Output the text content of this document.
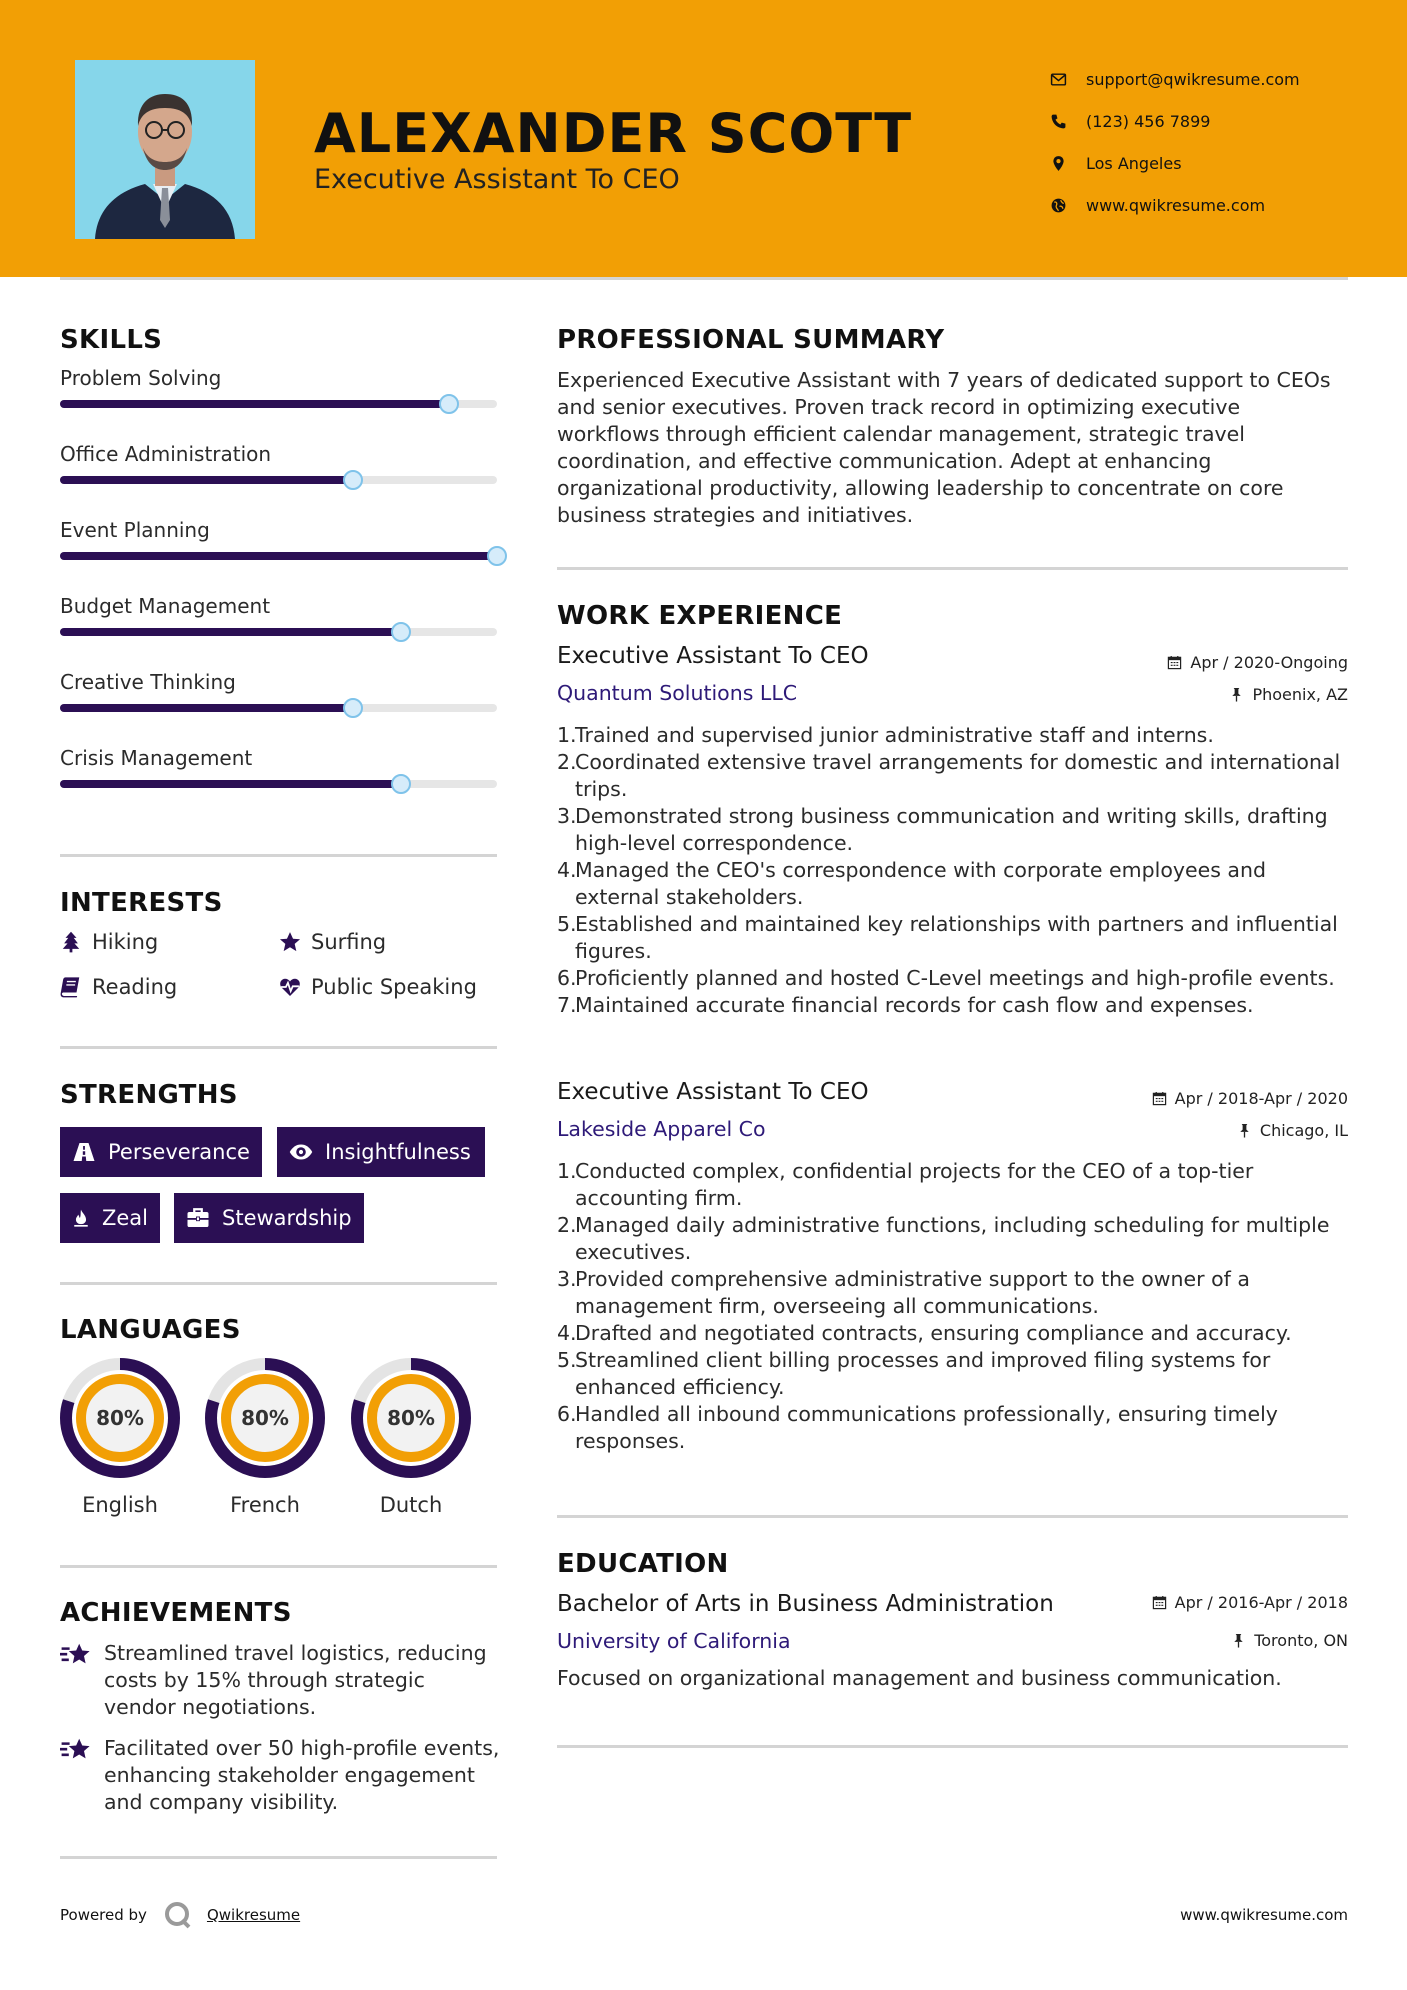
ALEXANDER SCOTT
Executive Assistant To CEO
support@qwikresume.com
(123) 456 7899
Los Angeles
www.qwikresume.com
SKILLS
Problem Solving
Office Administration
Event Planning
Budget Management
Creative Thinking
Crisis Management
INTERESTS
Hiking	Surfing
Reading	Public Speaking
STRENGTHS
Perseverance	Insightfulness
Zeal	Stewardship
LANGUAGES
80%
English
80%
French
80%
Dutch
ACHIEVEMENTS
Streamlined travel logistics, reducing costs by 15% through strategic vendor negotiations.
Facilitated over 50 high-profile events, enhancing stakeholder engagement and company visibility.
PROFESSIONAL SUMMARY
Experienced Executive Assistant with 7 years of dedicated support to CEOs and senior executives. Proven track record in optimizing executive workflows through efficient calendar management, strategic travel coordination, and effective communication. Adept at enhancing organizational productivity, allowing leadership to concentrate on core business strategies and initiatives.
WORK EXPERIENCE
Executive Assistant To CEO	Apr / 2020-Ongoing
Quantum Solutions LLC	Phoenix, AZ
1.
Trained and supervised junior administrative staff and interns.
2.
Coordinated extensive travel arrangements for domestic and international trips.
3.
Demonstrated strong business communication and writing skills, drafting high-level correspondence.
4.
Managed the CEO's correspondence with corporate employees and external stakeholders.
5.
Established and maintained key relationships with partners and influential figures.
6.
Proficiently planned and hosted C-Level meetings and high-profile events.
7.
Maintained accurate financial records for cash flow and expenses.
Executive Assistant To CEO	Apr / 2018-Apr / 2020
Lakeside Apparel Co	Chicago, IL
1.
Conducted complex, confidential projects for the CEO of a top-tier accounting firm.
2.
Managed daily administrative functions, including scheduling for multiple executives.
3.
Provided comprehensive administrative support to the owner of a management firm, overseeing all communications.
4.
Drafted and negotiated contracts, ensuring compliance and accuracy.
5.
Streamlined client billing processes and improved filing systems for enhanced efficiency.
6.
Handled all inbound communications professionally, ensuring timely responses.
EDUCATION
Bachelor of Arts in Business Administration	Apr / 2016-Apr / 2018
University of California	Toronto, ON
Focused on organizational management and business communication.
Powered by	Qwikresume	www.qwikresume.com
